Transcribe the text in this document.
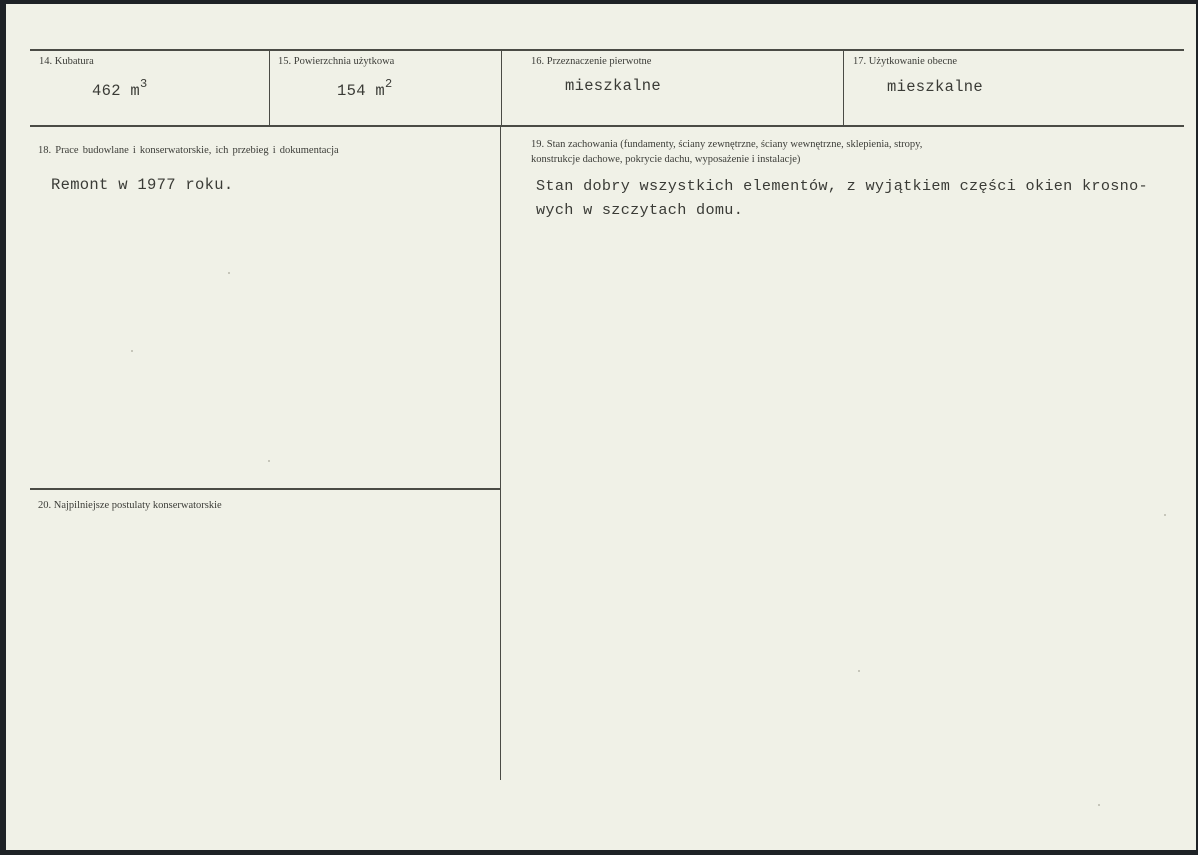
14. Kubatura
462 $m^3$
15. Powierzchnia użytkowa
154 $m^2$
16. Przeznaczenie pierwotne
mieszkalne
17. Użytkowanie obecne
mieszkalne
18. Prace budowlane i konserwatorskie, ich przebieg i dokumentacja
Remont w 1977 roku.
19. Stan zachowania (fundamenty, ściany zewnętrzne, ściany wewnętrzne, sklepienia, stropy,
konstrukcje dachowe, pokrycie dachu, wyposażenie i instalacje)
Stan dobry wszystkich elementów, z wyjątkiem części okien krosno-
wych w szczytach domu.
20. Najpilniejsze postulaty konserwatorskie
